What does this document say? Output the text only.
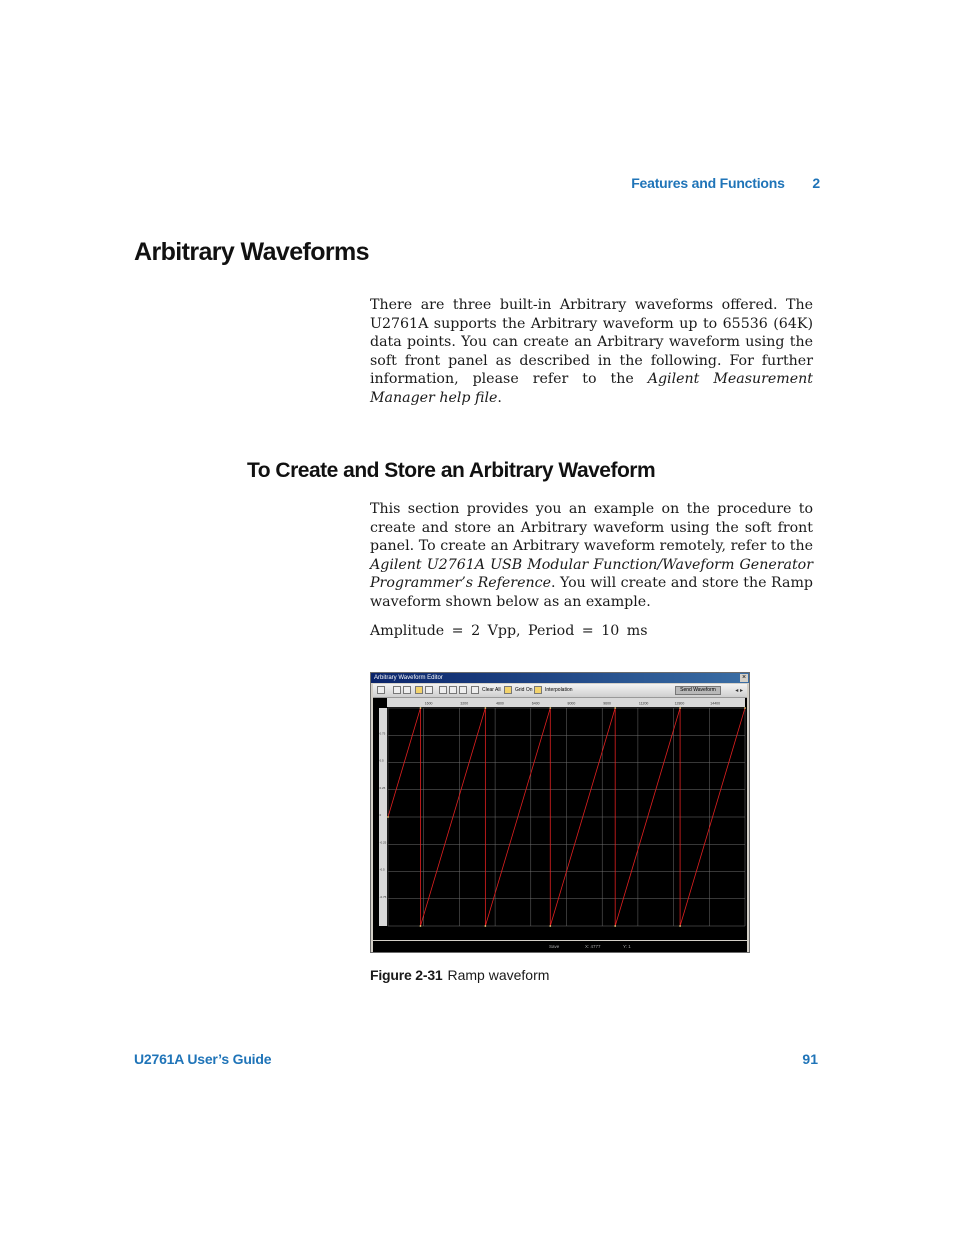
Features and Functions 2
Arbitrary Waveforms

There are three built-in Arbitrary waveforms offered. The U2761A supports the Arbitrary waveform up to 65536 (64K) data points. You can create an Arbitrary waveform using the soft front panel as described in the following. For further information, please refer to the Agilent Measurement Manager help file.

To Create and Store an Arbitrary Waveform

This section provides you an example on the procedure to create and store an Arbitrary waveform using the soft front panel. To create an Arbitrary waveform remotely, refer to the Agilent U2761A USB Modular Function/Waveform Generator Programmer’s Reference. You will create and store the Ramp waveform shown below as an example.

Amplitude = 2 Vpp, Period = 10 ms

Arbitrary Waveform Editor	×
Clear All	Grid On Interpolation	Send Waveform	◂ ▸
1600	3200	4800	6400	8000	9600	11200	12800	14400
0.75
0.5
0.25
0
-0.25
-0.5
-0.75
Save	X: 4777	Y: 1
Figure 2-31 Ramp waveform
U2761A User’s Guide	91
